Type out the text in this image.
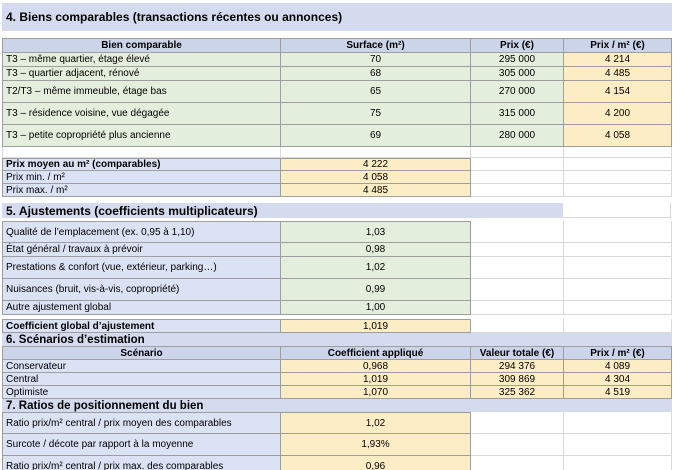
4. Biens comparables (transactions récentes ou annonces)
Bien comparable	Surface (m²)	Prix (€)	Prix / m² (€)
T3 – même quartier, étage élevé	70	295 000	4 214
T3 – quartier adjacent, rénové	68	305 000	4 485
T2/T3 – même immeuble, étage bas	65	270 000	4 154
T3 – résidence voisine, vue dégagée	75	315 000	4 200
T3 – petite copropriété plus ancienne	69	280 000	4 058
Prix moyen au m² (comparables)	4 222
Prix min. / m²	4 058
Prix max. / m²	4 485
5. Ajustements (coefficients multiplicateurs)
Qualité de l’emplacement (ex. 0,95 à 1,10)	1,03
État général / travaux à prévoir	0,98
Prestations & confort (vue, extérieur, parking…)	1,02
Nuisances (bruit, vis-à-vis, copropriété)	0,99
Autre ajustement global	1,00
Coefficient global d’ajustement	1,019
6. Scénarios d’estimation
Scénario	Coefficient appliqué	Valeur totale (€)	Prix / m² (€)
Conservateur	0,968	294 376	4 089
Central	1,019	309 869	4 304
Optimiste	1,070	325 362	4 519
7. Ratios de positionnement du bien
Ratio prix/m² central / prix moyen des comparables	1,02
Surcote / décote par rapport à la moyenne	1,93%
Ratio prix/m² central / prix max. des comparables	0,96
